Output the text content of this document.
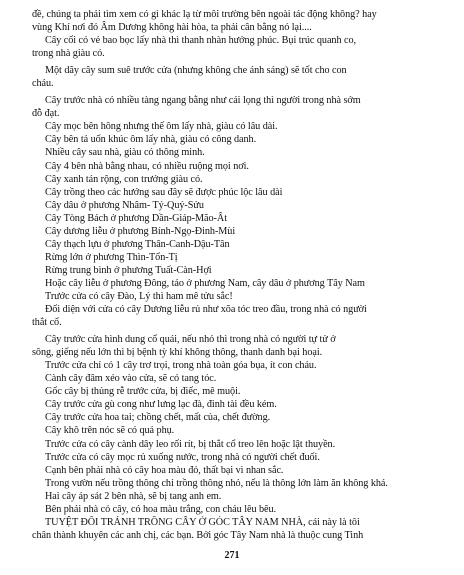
đề, chúng ta phải tìm xem có gì khác lạ từ môi trường bên ngoài tác động không? hay
vùng Khí nơi đó Âm Dương không hài hòa, ta phải cân bằng nó lại....
Cây cối có vẻ bao bọc lấy nhà thì thanh nhàn hưởng phúc. Bụi trúc quanh co,
trong nhà giàu có.
Một dãy cây sum suê trước cửa (nhưng không che ánh sáng) sẽ tốt cho con
cháu.
Cây trước nhà có nhiều tàng ngang bằng như cái lọng thì người trong nhà sớm
đỗ đạt.
Cây mọc bên hông nhưng thế ôm lấy nhà, giàu có lâu dài.
Cây bên tả uốn khúc ôm lấy nhà, giàu có công danh.
Nhiều cây sau nhà, giàu có thông minh.
Cây 4 bên nhà bằng nhau, có nhiều ruộng mọi nơi.
Cây xanh tán rộng, con trưởng giàu có.
Cây trồng theo các hướng sau đây sẽ được phúc lộc lâu dài
Cây dâu ở phương Nhâm- Tý-Quý-Sửu
Cây Tòng Bách ở phương Dần-Giáp-Mão-Ất
Cây dương liễu ở phương Bính-Ngọ-Đinh-Mùi
Cây thạch lựu ở phương Thân-Canh-Dậu-Tân
Rừng lớn ở phương Thìn-Tốn-Tị
Rừng trung bình ở phương Tuất-Càn-Hợi
Hoặc cây liễu ở phương Đông, táo ở phương Nam, cây dâu ở phương Tây Nam
Trước cửa có cây Đào, Lý thì ham mê tửu sắc!
Đối diện với cửa có cây Dương liễu rủ như xõa tóc treo đầu, trong nhà có người
thắt cổ.
Cây trước cửa hình dung cổ quái, nếu nhỏ thì trong nhà có người tự tử ở
sông, giếng nếu lớn thì bị bệnh tỳ khí không thông, thanh danh bại hoại.
Trước cửa chỉ có 1 cây trơ trọi, trong nhà toàn góa bụa, ít con cháu.
Cành cây đâm xéo vào cửa, sẽ có tang tóc.
Gốc cây bị thủng rễ trước cửa, bị điếc, mê muội.
Cây trước cửa gù cong như lưng lạc đà, đinh tài đều kém.
Cây trước cửa hoa tai; chồng chết, mất của, chết đường.
Cây khô trên nóc sẽ có quả phụ.
Trước cửa có cây cành dây leo rối rít, bị thắt cổ treo lên hoặc lật thuyền.
Trước cửa có cây mọc rủ xuống nước, trong nhà có người chết đuối.
Cạnh bên phải nhà có cây hoa màu đỏ, thất bại vì nhan sắc.
Trong vườn nếu trồng thông chỉ trồng thông nhỏ, nếu là thông lớn làm ăn không khá.
Hai cây áp sát 2 bên nhà, sẽ bị tang anh em.
Bên phải nhà có cây, có hoa màu trắng, con cháu lêu bêu.
TUYỆT ĐỐI TRÁNH TRỒNG CÂY Ở GÓC TÂY NAM NHÀ, cái này là tôi
chân thành khuyên các anh chị, các bạn. Bởi góc Tây Nam nhà là thuộc cung Tinh
271
